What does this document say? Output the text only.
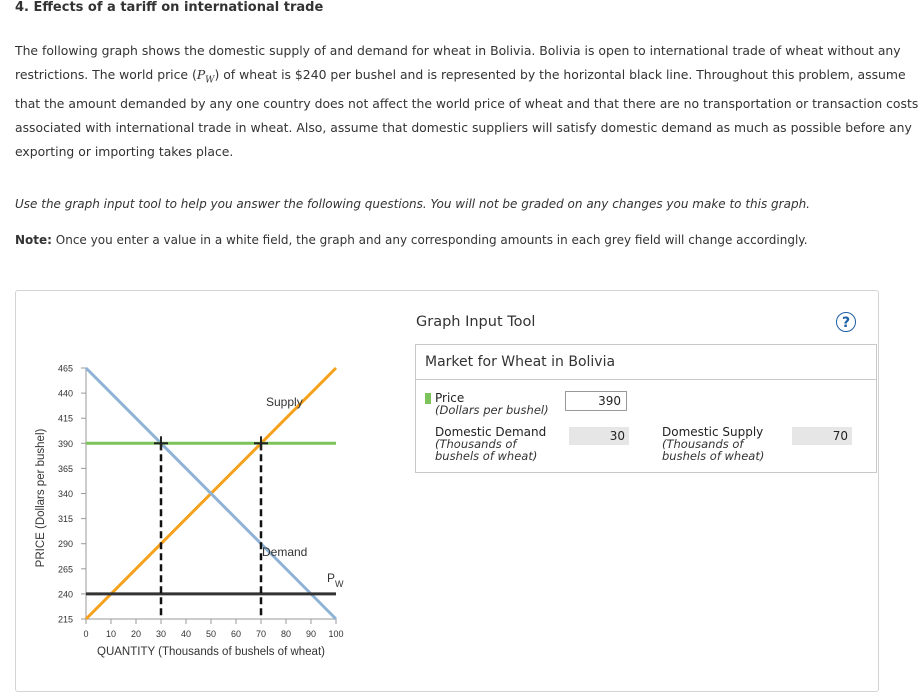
4. Effects of a tariff on international trade
The following graph shows the domestic supply of and demand for wheat in Bolivia. Bolivia is open to international trade of wheat without any restrictions. The world price $(P_W)$ of wheat is $240 per bushel and is represented by the horizontal black line. Throughout this problem, assume that the amount demanded by any one country does not affect the world price of wheat and that there are no transportation or transaction costs associated with international trade in wheat. Also, assume that domestic suppliers will satisfy domestic demand as much as possible before any exporting or importing takes place.
Use the graph input tool to help you answer the following questions. You will not be graded on any changes you make to this graph.
Note: Once you enter a value in a white field, the graph and any corresponding amounts in each grey field will change accordingly.
465
440
415
390
365
340
315
290
265
240
215
0 10 20 30 40 50 60 70 80 90 100
PRICE (Dollars per bushel)
QUANTITY (Thousands of bushels of wheat)
Supply
Demand
$P_W$
Graph Input Tool	?
Market for Wheat in Bolivia
Price
(Dollars per bushel)
390
Domestic Demand
(Thousands of
bushels of wheat)
30	Domestic Supply
(Thousands of
bushels of wheat)
70
